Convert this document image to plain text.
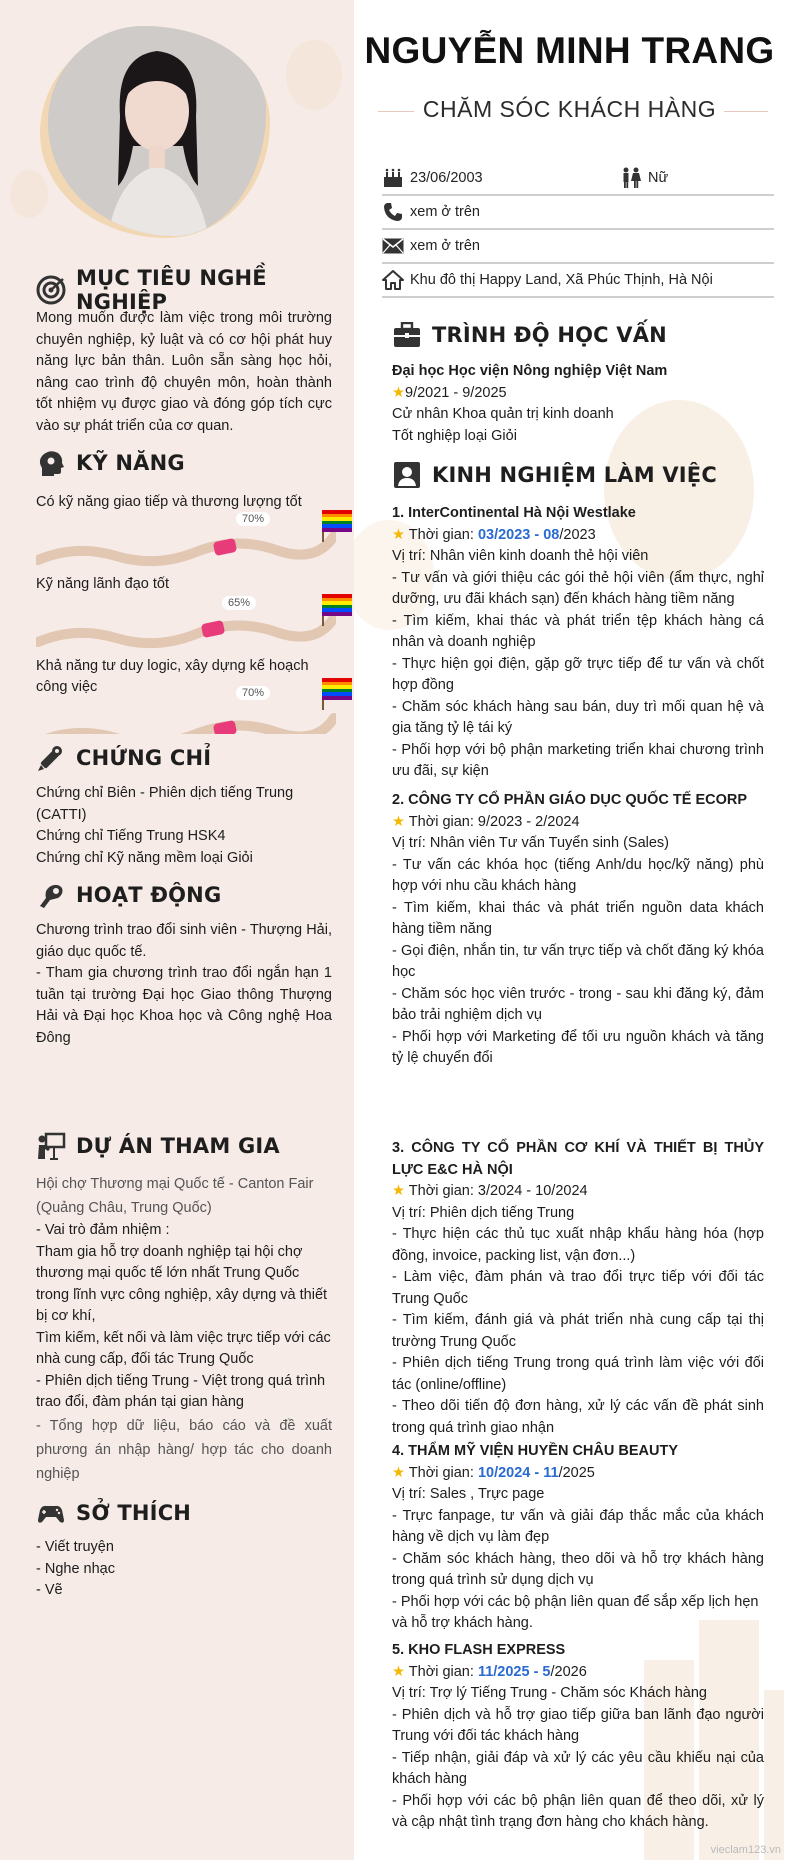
MỤC TIÊU NGHỀ NGHIỆP
Mong muốn được làm việc trong môi trường chuyên nghiệp, kỷ luật và có cơ hội phát huy năng lực bản thân. Luôn sẵn sàng học hỏi, nâng cao trình độ chuyên môn, hoàn thành tốt nhiệm vụ được giao và đóng góp tích cực vào sự phát triển của cơ quan.
KỸ NĂNG
Có kỹ năng giao tiếp và thương lượng tốt
70%
Kỹ năng lãnh đạo tốt
65%
Khả năng tư duy logic, xây dựng kế hoạch công việc	70%
CHỨNG CHỈ
Chứng chỉ Biên - Phiên dịch tiếng Trung (CATTI)
Chứng chỉ Tiếng Trung HSK4
Chứng chỉ Kỹ năng mềm loại Giỏi
HOẠT ĐỘNG
Chương trình trao đổi sinh viên - Thượng Hải, giáo dục quốc tế.
- Tham gia chương trình trao đổi ngắn hạn 1 tuần tại trường Đại học Giao thông Thượng Hải và Đại học Khoa học và Công nghệ Hoa Đông
DỰ ÁN THAM GIA
Hội chợ Thương mại Quốc tế - Canton Fair (Quảng Châu, Trung Quốc)
- Vai trò đảm nhiệm :
Tham gia hỗ trợ doanh nghiệp tại hội chợ thương mại quốc tế lớn nhất Trung Quốc trong lĩnh vực công nghiệp, xây dựng và thiết bị cơ khí,
Tìm kiếm, kết nối và làm việc trực tiếp với các nhà cung cấp, đối tác Trung Quốc
- Phiên dịch tiếng Trung - Việt trong quá trình trao đổi, đàm phán tại gian hàng
- Tổng hợp dữ liệu, báo cáo và đề xuất phương án nhập hàng/ hợp tác cho doanh nghiệp
SỞ THÍCH
- Viết truyện
- Nghe nhạc
- Vẽ
NGUYỄN MINH TRANG
CHĂM SÓC KHÁCH HÀNG
23/06/2003	Nữ
xem ở trên
xem ở trên
Khu đô thị Happy Land, Xã Phúc Thịnh, Hà Nội
TRÌNH ĐỘ HỌC VẤN
Đại học Học viện Nông nghiệp Việt Nam
★9/2021 - 9/2025
Cử nhân Khoa quản trị kinh doanh
Tốt nghiệp loại Giỏi
KINH NGHIỆM LÀM VIỆC
1. InterContinental Hà Nội Westlake
★ Thời gian: 03/2023 - 08/2023
Vị trí: Nhân viên kinh doanh thẻ hội viên
- Tư vấn và giới thiệu các gói thẻ hội viên (ẩm thực, nghỉ dưỡng, ưu đãi khách sạn) đến khách hàng tiềm năng
- Tìm kiếm, khai thác và phát triển tệp khách hàng cá nhân và doanh nghiệp
- Thực hiện gọi điện, gặp gỡ trực tiếp để tư vấn và chốt hợp đồng
- Chăm sóc khách hàng sau bán, duy trì mối quan hệ và gia tăng tỷ lệ tái ký
- Phối hợp với bộ phận marketing triển khai chương trình ưu đãi, sự kiện
2. CÔNG TY CỔ PHẦN GIÁO DỤC QUỐC TẾ ECORP
★ Thời gian: 9/2023 - 2/2024
Vị trí: Nhân viên Tư vấn Tuyển sinh (Sales)
- Tư vấn các khóa học (tiếng Anh/du học/kỹ năng) phù hợp với nhu cầu khách hàng
- Tìm kiếm, khai thác và phát triển nguồn data khách hàng tiềm năng
- Gọi điện, nhắn tin, tư vấn trực tiếp và chốt đăng ký khóa học
- Chăm sóc học viên trước - trong - sau khi đăng ký, đảm bảo trải nghiệm dịch vụ
- Phối hợp với Marketing để tối ưu nguồn khách và tăng tỷ lệ chuyển đổi
3. CÔNG TY CỔ PHẦN CƠ KHÍ VÀ THIẾT BỊ THỦY LỰC E&C HÀ NỘI
★ Thời gian: 3/2024 - 10/2024
Vị trí: Phiên dịch tiếng Trung
- Thực hiện các thủ tục xuất nhập khẩu hàng hóa (hợp đồng, invoice, packing list, vận đơn...)
- Làm việc, đàm phán và trao đổi trực tiếp với đối tác Trung Quốc
- Tìm kiếm, đánh giá và phát triển nhà cung cấp tại thị trường Trung Quốc
- Phiên dịch tiếng Trung trong quá trình làm việc với đối tác (online/offline)
- Theo dõi tiến độ đơn hàng, xử lý các vấn đề phát sinh trong quá trình giao nhận
4. THẨM MỸ VIỆN HUYỀN CHÂU BEAUTY
★ Thời gian: 10/2024 - 11/2025
Vị trí: Sales , Trực page
- Trực fanpage, tư vấn và giải đáp thắc mắc của khách hàng về dịch vụ làm đẹp
- Chăm sóc khách hàng, theo dõi và hỗ trợ khách hàng trong quá trình sử dụng dịch vụ
- Phối hợp với các bộ phận liên quan để sắp xếp lịch hẹn và hỗ trợ khách hàng.
5. KHO FLASH EXPRESS
★ Thời gian: 11/2025 - 5/2026
Vị trí: Trợ lý Tiếng Trung - Chăm sóc Khách hàng
- Phiên dịch và hỗ trợ giao tiếp giữa ban lãnh đạo người Trung với đối tác khách hàng
- Tiếp nhận, giải đáp và xử lý các yêu cầu khiếu nại của khách hàng
- Phối hợp với các bộ phận liên quan để theo dõi, xử lý và cập nhật tình trạng đơn hàng cho khách hàng.
vieclam123.vn
